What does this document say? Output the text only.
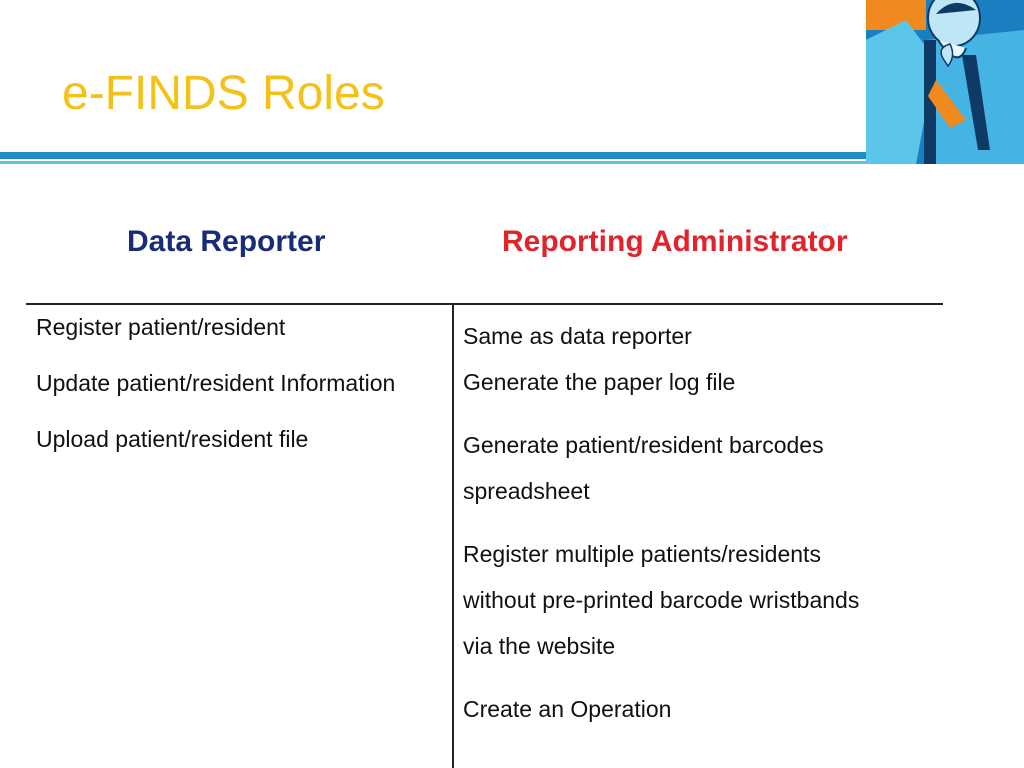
e-FINDS Roles
Data Reporter	Reporting Administrator
Register patient/resident
Update patient/resident Information
Upload patient/resident file
Same as data reporter
Generate the paper log file
Generate patient/resident barcodes
spreadsheet
Register multiple patients/residents
without pre-printed barcode wristbands
via the website
Create an Operation
